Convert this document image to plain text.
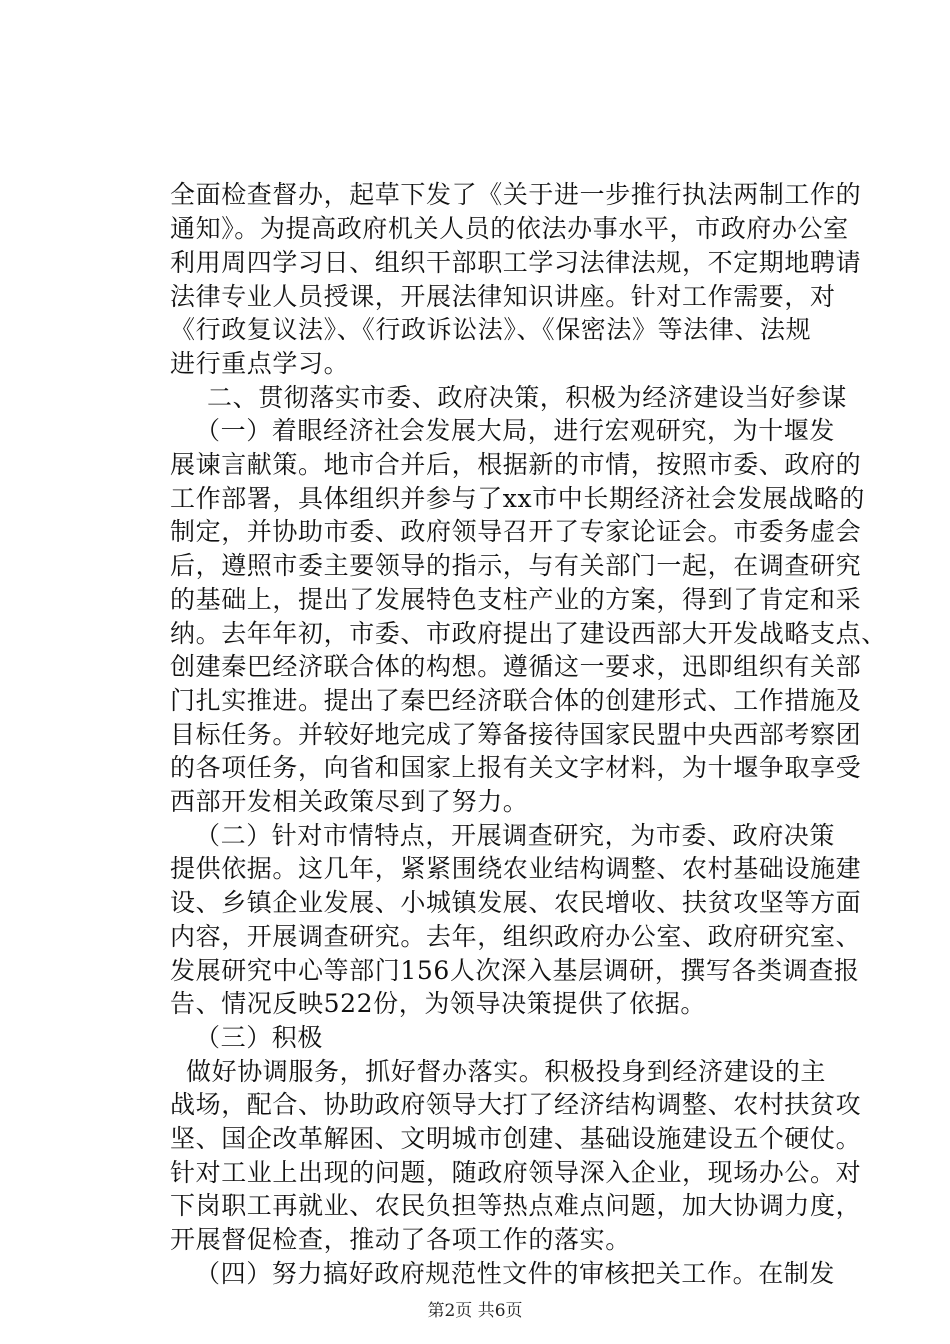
全面检查督办，起草下发了《关于进一步推行执法两制工作的
通知》。为提高政府机关人员的依法办事水平，市政府办公室
利用周四学习日、组织干部职工学习法律法规，不定期地聘请
法律专业人员授课，开展法律知识讲座。针对工作需要，对
《行政复议法》、《行政诉讼法》、《保密法》等法律、法规
进行重点学习。
二、贯彻落实市委、政府决策，积极为经济建设当好参谋
（一）着眼经济社会发展大局，进行宏观研究，为十堰发
展谏言献策。地市合并后，根据新的市情，按照市委、政府的
工作部署，具体组织并参与了xx市中长期经济社会发展战略的
制定，并协助市委、政府领导召开了专家论证会。市委务虚会
后，遵照市委主要领导的指示，与有关部门一起，在调查研究
的基础上，提出了发展特色支柱产业的方案，得到了肯定和采
纳。去年年初，市委、市政府提出了建设西部大开发战略支点、
创建秦巴经济联合体的构想。遵循这一要求，迅即组织有关部
门扎实推进。提出了秦巴经济联合体的创建形式、工作措施及
目标任务。并较好地完成了筹备接待国家民盟中央西部考察团
的各项任务，向省和国家上报有关文字材料，为十堰争取享受
西部开发相关政策尽到了努力。
（二）针对市情特点，开展调查研究，为市委、政府决策
提供依据。这几年，紧紧围绕农业结构调整、农村基础设施建
设、乡镇企业发展、小城镇发展、农民增收、扶贫攻坚等方面
内容，开展调查研究。去年，组织政府办公室、政府研究室、
发展研究中心等部门156人次深入基层调研，撰写各类调查报
告、情况反映522份，为领导决策提供了依据。
（三）积极
做好协调服务，抓好督办落实。积极投身到经济建设的主
战场，配合、协助政府领导大打了经济结构调整、农村扶贫攻
坚、国企改革解困、文明城市创建、基础设施建设五个硬仗。
针对工业上出现的问题，随政府领导深入企业，现场办公。对
下岗职工再就业、农民负担等热点难点问题，加大协调力度，
开展督促检查，推动了各项工作的落实。
（四）努力搞好政府规范性文件的审核把关工作。在制发
第2页 共6页
